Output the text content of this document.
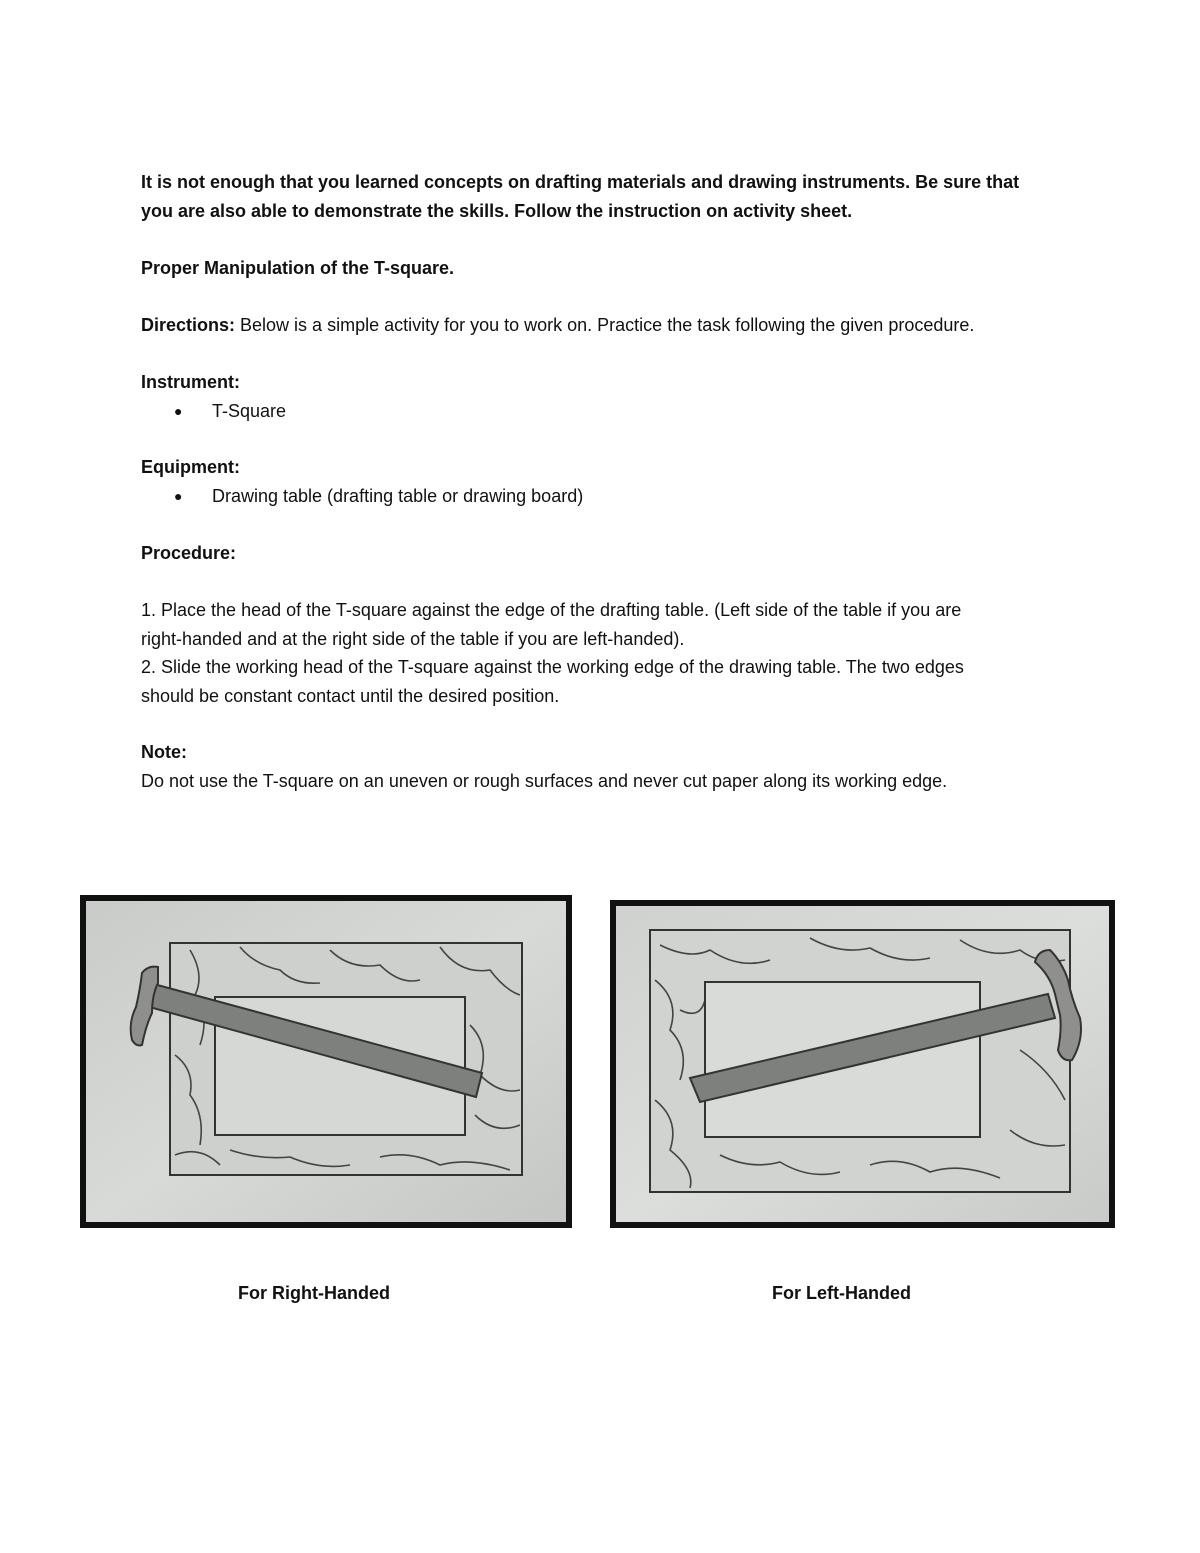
It is not enough that you learned concepts on drafting materials and drawing instruments. Be sure that
you are also able to demonstrate the skills. Follow the instruction on activity sheet.
Proper Manipulation of the T-square.
Directions: Below is a simple activity for you to work on. Practice the task following the given procedure.
Instrument:
● T-Square
Equipment:
● Drawing table (drafting table or drawing board)
Procedure:
1. Place the head of the T-square against the edge of the drafting table. (Left side of the table if you are
right-handed and at the right side of the table if you are left-handed).
2. Slide the working head of the T-square against the working edge of the drawing table. The two edges
should be constant contact until the desired position.
Note:
Do not use the T-square on an uneven or rough surfaces and never cut paper along its working edge.
For Right-Handed	For Left-Handed
